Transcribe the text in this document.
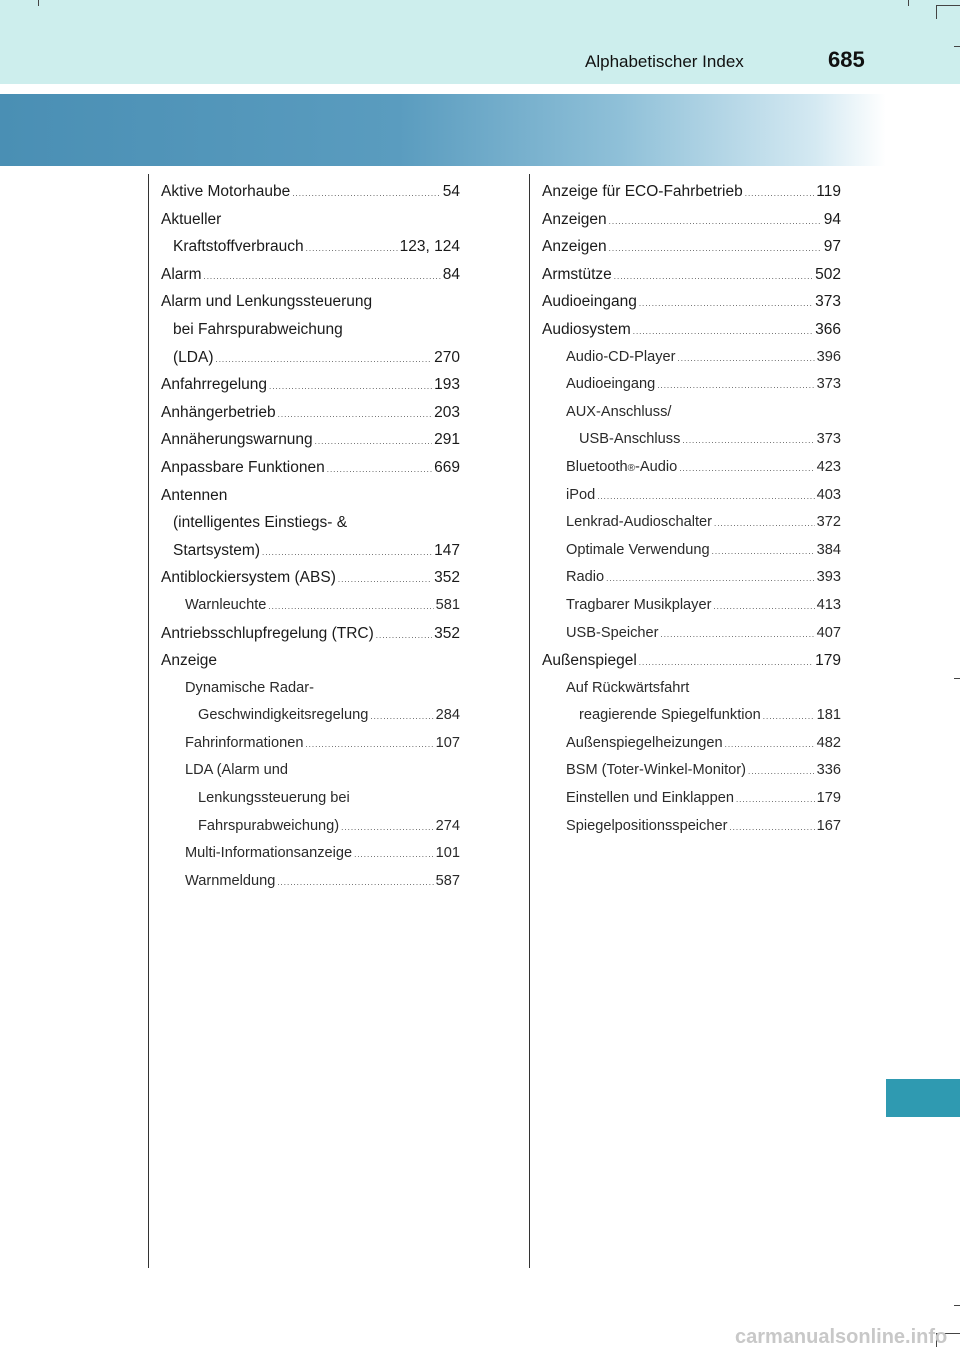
Alphabetischer Index	685
Aktive Motorhaube .....	54
Aktueller
Kraftstoffverbrauch .....	123, 124
Alarm .....	84
Alarm und Lenkungssteuerung
bei Fahrspurabweichung
(LDA) .....	270
Anfahrregelung .....	193
Anhängerbetrieb .....	203
Annäherungswarnung .....	291
Anpassbare Funktionen .....	669
Antennen
(intelligentes Einstiegs- &
Startsystem) .....	147
Antiblockiersystem (ABS) .....	352
Warnleuchte .....	581
Antriebsschlupfregelung (TRC) .....	352
Anzeige
Dynamische Radar-
Geschwindigkeitsregelung .....	284
Fahrinformationen .....	107
LDA (Alarm und
Lenkungssteuerung bei
Fahrspurabweichung) .....	274
Multi-Informationsanzeige .....	101
Warnmeldung .....	587
Anzeige für ECO-Fahrbetrieb .....	119
Anzeigen .....	94
Anzeigen .....	97
Armstütze .....	502
Audioeingang .....	373
Audiosystem .....	366
Audio-CD-Player .....	396
Audioeingang .....	373
AUX-Anschluss/
USB-Anschluss .....	373
Bluetooth ® -Audio .....	423
iPod .....	403
Lenkrad-Audioschalter .....	372
Optimale Verwendung .....	384
Radio .....	393
Tragbarer Musikplayer .....	413
USB-Speicher .....	407
Außenspiegel .....	179
Auf Rückwärtsfahrt
reagierende Spiegelfunktion .....	181
Außenspiegelheizungen .....	482
BSM (Toter-Winkel-Monitor) .....	336
Einstellen und Einklappen .....	179
Spiegelpositionsspeicher .....	167
carmanualsonline.info
